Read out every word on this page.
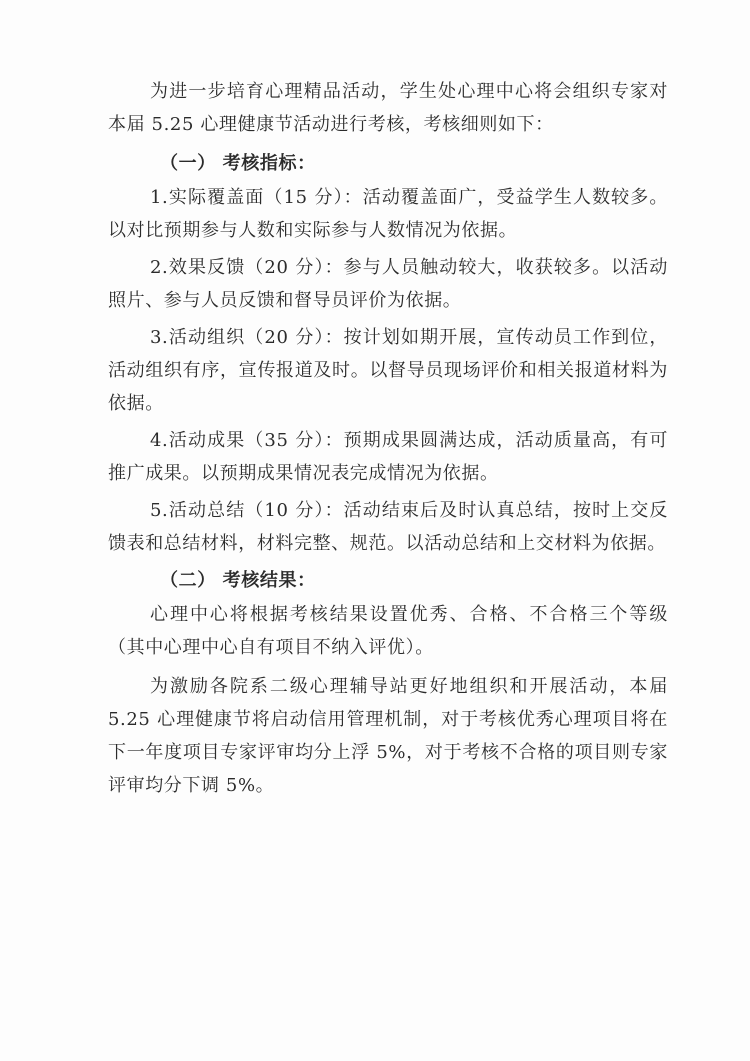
为进一步培育心理精品活动，学生处心理中心将会组织专家对本届 5.25 心理健康节活动进行考核，考核细则如下：

（一） 考核指标：

1.实际覆盖面（15 分）：活动覆盖面广，受益学生人数较多。以对比预期参与人数和实际参与人数情况为依据。

2.效果反馈（20 分）：参与人员触动较大，收获较多。以活动照片、参与人员反馈和督导员评价为依据。

3.活动组织（20 分）：按计划如期开展，宣传动员工作到位，活动组织有序，宣传报道及时。以督导员现场评价和相关报道材料为依据。

4.活动成果（35 分）：预期成果圆满达成，活动质量高，有可推广成果。以预期成果情况表完成情况为依据。

5.活动总结（10 分）：活动结束后及时认真总结，按时上交反馈表和总结材料，材料完整、规范。以活动总结和上交材料为依据。

（二） 考核结果：

心理中心将根据考核结果设置优秀、合格、不合格三个等级（其中心理中心自有项目不纳入评优）。

为激励各院系二级心理辅导站更好地组织和开展活动，本届 5.25 心理健康节将启动信用管理机制，对于考核优秀心理项目将在下一年度项目专家评审均分上浮 5%，对于考核不合格的项目则专家评审均分下调 5%。
